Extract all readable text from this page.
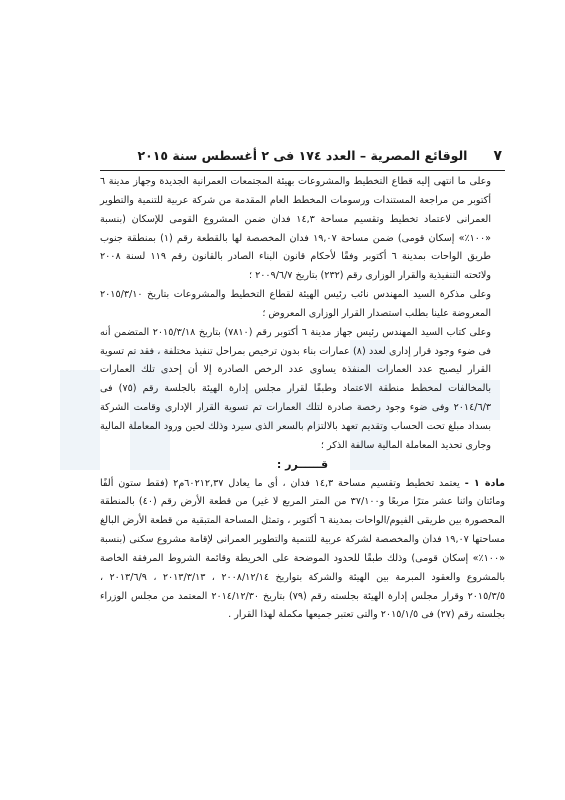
٧
الوقائع المصرية – العدد ١٧٤ فى ٢ أغسطس سنة ٢٠١٥

وعلى ما انتهى إليه قطاع التخطيط والمشروعات بهيئة المجتمعات العمرانية الجديدة وجهاز مدينة ٦ أكتوبر من مراجعة المستندات ورسومات المخطط العام المقدمة من شركة عربية للتنمية والتطوير العمرانى لاعتماد تخطيط وتقسيم مساحة ١٤,٣ فدان ضمن المشروع القومى للإسكان (بنسبة «١٠٠٪» إسكان قومى) ضمن مساحة ١٩,٠٧ فدان المخصصة لها بالقطعة رقم (١) بمنطقة جنوب طريق الواحات بمدينة ٦ أكتوبر وفقًا لأحكام قانون البناء الصادر بالقانون رقم ١١٩ لسنة ٢٠٠٨ ولائحته التنفيذية والقرار الوزارى رقم (٢٣٢) بتاريخ ٢٠٠٩/٦/٧ ؛

وعلى مذكرة السيد المهندس نائب رئيس الهيئة لقطاع التخطيط والمشروعات بتاريخ ٢٠١٥/٣/١٠ المعروضة علينا بطلب استصدار القرار الوزارى المعروض ؛

وعلى كتاب السيد المهندس رئيس جهاز مدينة ٦ أكتوبر رقم (٧٨١٠) بتاريخ ٢٠١٥/٣/١٨ المتضمن أنه فى ضوء وجود قرار إدارى لعدد (٨) عمارات بناء بدون ترخيص بمراحل تنفيذ مختلفة ، فقد تم تسوية القرار ليصبح عدد العمارات المنفذة يساوى عدد الرخص الصادرة إلا أن إحدى تلك العمارات بالمخالفات لمخطط منطقة الاعتماد وطبقًا لقرار مجلس إدارة الهيئة بالجلسة رقم (٧٥) فى ٢٠١٤/٦/٣ وفى ضوء وجود رخصة صادرة لتلك العمارات تم تسوية القرار الإدارى وقامت الشركة بسداد مبلغ تحت الحساب وتقديم تعهد بالالتزام بالسعر الذى سيرد وذلك لحين ورود المعاملة المالية وجارى تحديد المعاملة المالية سالفة الذكر ؛

قــــــرر :

مادة ١ - يعتمد تخطيط وتقسيم مساحة ١٤,٣ فدان ، أى ما يعادل ٦٠٢١٢,٣٧م٢ (فقط ستون ألفًا ومائتان واثنا عشر مترًا مربعًا و٣٧/١٠٠ من المتر المربع لا غير) من قطعة الأرض رقم (٤٠) بالمنطقة المحصورة بين طريقى الفيوم/الواحات بمدينة ٦ أكتوبر ، وتمثل المساحة المتبقية من قطعة الأرض البالغ مساحتها ١٩,٠٧ فدان والمخصصة لشركة عربية للتنمية والتطوير العمرانى لإقامة مشروع سكنى (بنسبة «١٠٠٪» إسكان قومى) وذلك طبقًا للحدود الموضحة على الخريطة وقائمة الشروط المرفقة الخاصة بالمشروع والعقود المبرمة بين الهيئة والشركة بتواريخ ٢٠٠٨/١٢/١٤ ، ٢٠١٣/٣/١٣ ، ٢٠١٣/٦/٩ ، ٢٠١٥/٣/٥ وقرار مجلس إدارة الهيئة بجلسته رقم (٧٩) بتاريخ ٢٠١٤/١٢/٣٠ المعتمد من مجلس الوزراء بجلسته رقم (٢٧) فى ٢٠١٥/١/٥ والتى تعتبر جميعها مكملة لهذا القرار .
